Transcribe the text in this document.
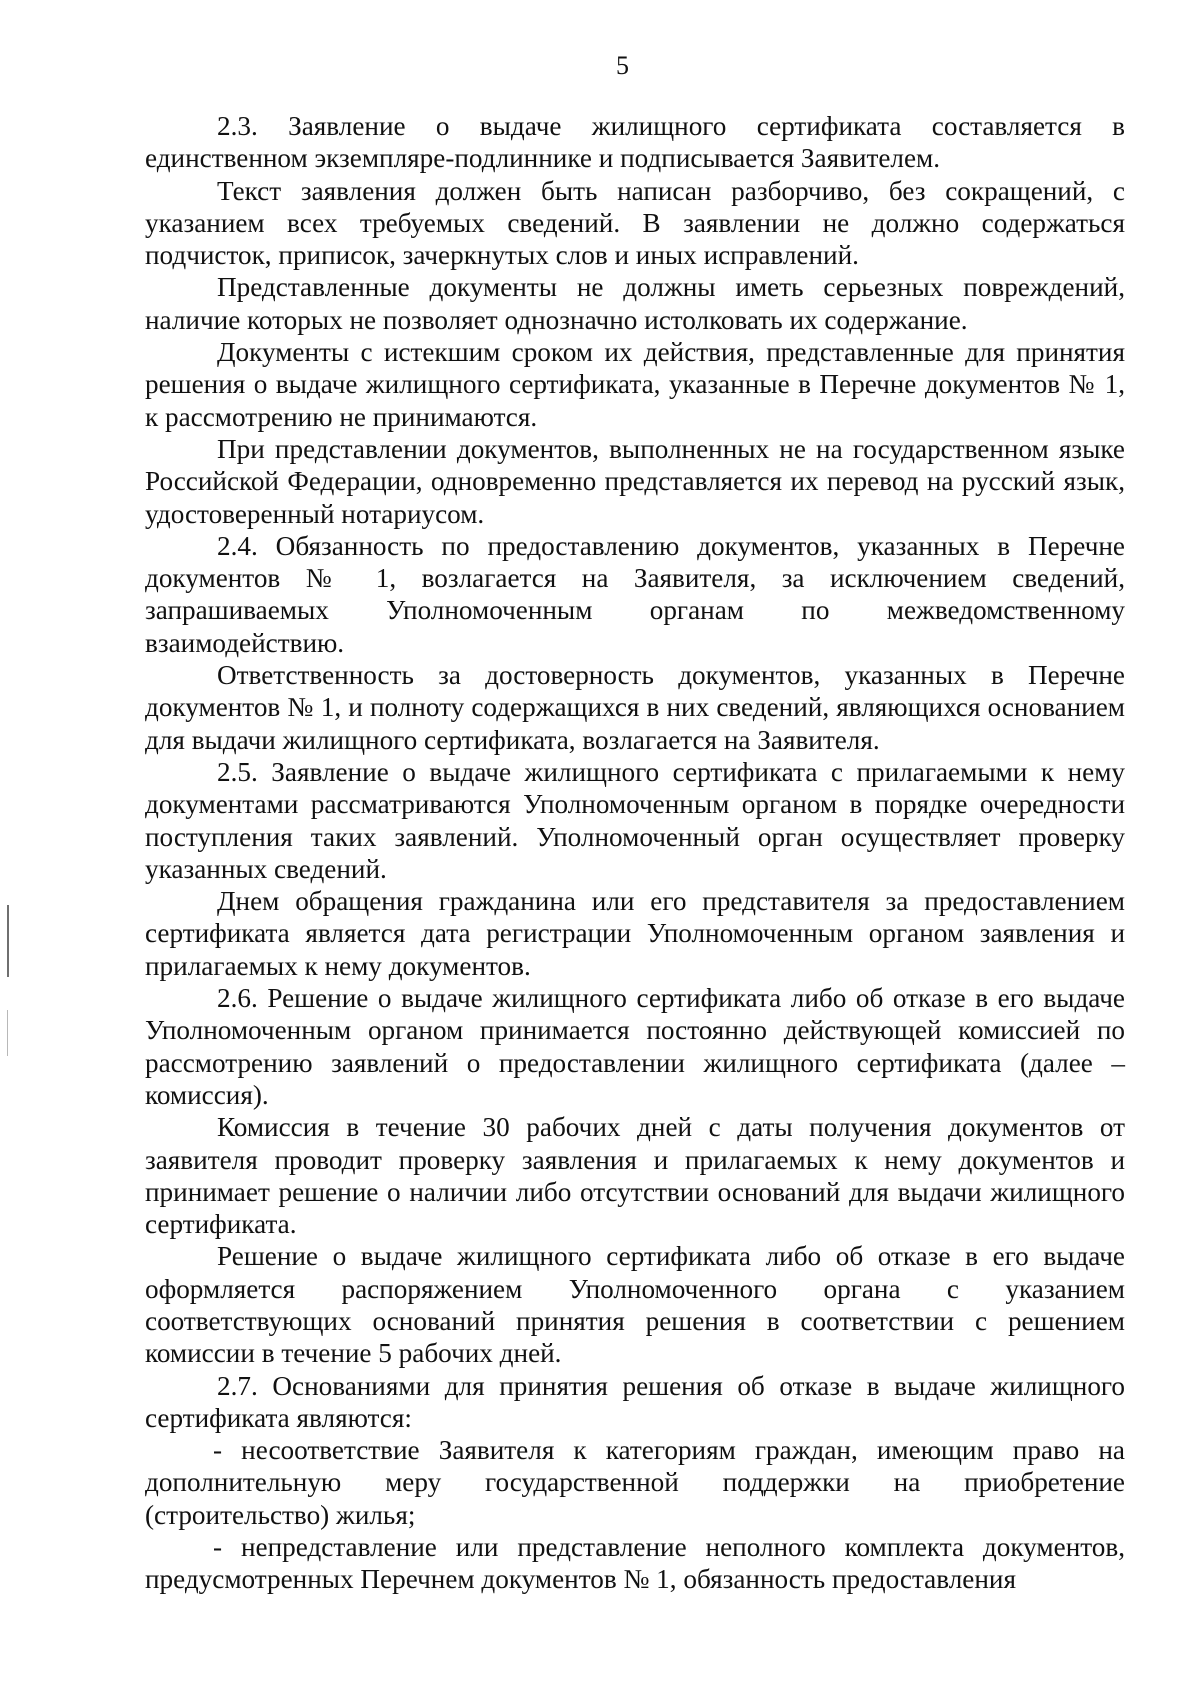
5

2.3. Заявление о выдаче жилищного сертификата составляется в единственном экземпляре-подлиннике и подписывается Заявителем.

Текст заявления должен быть написан разборчиво, без сокращений, с указанием всех требуемых сведений. В заявлении не должно содержаться подчисток, приписок, зачеркнутых слов и иных исправлений.

Представленные документы не должны иметь серьезных повреждений, наличие которых не позволяет однозначно истолковать их содержание.

Документы с истекшим сроком их действия, представленные для принятия решения о выдаче жилищного сертификата, указанные в Перечне документов № 1, к рассмотрению не принимаются.

При представлении документов, выполненных не на государственном языке Российской Федерации, одновременно представляется их перевод на русский язык, удостоверенный нотариусом.

2.4. Обязанность по предоставлению документов, указанных в Перечне документов № 1, возлагается на Заявителя, за исключением сведений, запрашиваемых Уполномоченным органам по межведомственному взаимодействию.

Ответственность за достоверность документов, указанных в Перечне документов № 1, и полноту содержащихся в них сведений, являющихся основанием для выдачи жилищного сертификата, возлагается на Заявителя.

2.5. Заявление о выдаче жилищного сертификата с прилагаемыми к нему документами рассматриваются Уполномоченным органом в порядке очередности поступления таких заявлений. Уполномоченный орган осуществляет проверку указанных сведений.

Днем обращения гражданина или его представителя за предоставлением сертификата является дата регистрации Уполномоченным органом заявления и прилагаемых к нему документов.

2.6. Решение о выдаче жилищного сертификата либо об отказе в его выдаче Уполномоченным органом принимается постоянно действующей комиссией по рассмотрению заявлений о предоставлении жилищного сертификата (далее – комиссия).

Комиссия в течение 30 рабочих дней с даты получения документов от заявителя проводит проверку заявления и прилагаемых к нему документов и принимает решение о наличии либо отсутствии оснований для выдачи жилищного сертификата.

Решение о выдаче жилищного сертификата либо об отказе в его выдаче оформляется распоряжением Уполномоченного органа с указанием соответствующих оснований принятия решения в соответствии с решением комиссии в течение 5 рабочих дней.

2.7. Основаниями для принятия решения об отказе в выдаче жилищного сертификата являются:

- несоответствие Заявителя к категориям граждан, имеющим право на дополнительную меру государственной поддержки на приобретение (строительство) жилья;

- непредставление или представление неполного комплекта документов, предусмотренных Перечнем документов № 1, обязанность предоставления
